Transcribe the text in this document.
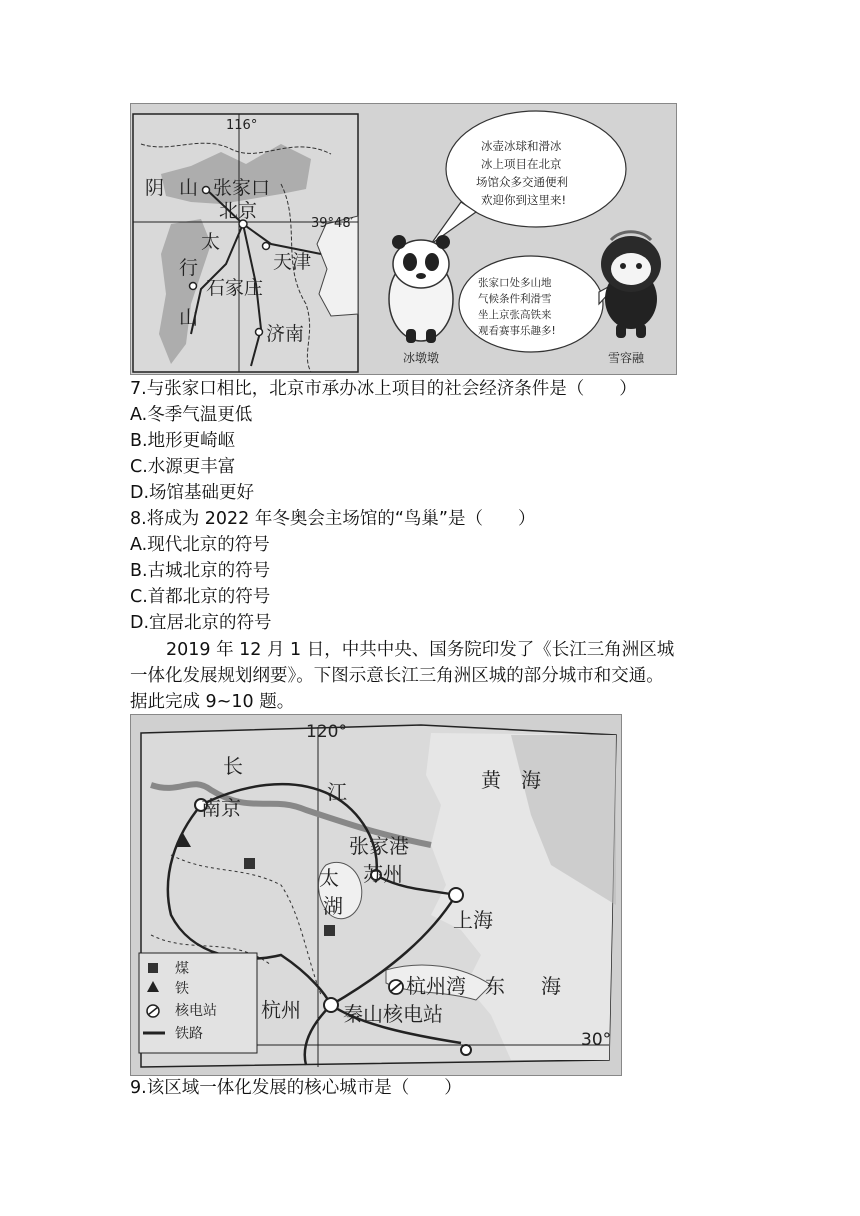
116°
39°48′
阴 山 张家口
北京
天津
太
行
石家庄
山
济南
冰壶冰球和滑冰
冰上项目在北京
场馆众多交通便利
欢迎你到这里来!
张家口处多山地
气候条件利滑雪
坐上京张高铁来
观看赛事乐趣多!
冰墩墩	雪容融
7.与张家口相比，北京市承办冰上项目的社会经济条件是（　　）
A.冬季气温更低
B.地形更崎岖
C.水源更丰富
D.场馆基础更好
8.将成为 2022 年冬奥会主场馆的“鸟巢”是（　　）
A.现代北京的符号
B.古城北京的符号
C.首都北京的符号
D.宜居北京的符号
2019 年 12 月 1 日，中共中央、国务院印发了《长江三角洲区城
一体化发展规划纲要》。下图示意长江三角洲区城的部分城市和交通。
据此完成 9~10 题。
120°
30°
长
江
南京
黄　海
张家港
苏州
太
湖
上海
杭州湾 东 海
杭州 秦山核电站
煤
铁
核电站
铁路
9.该区域一体化发展的核心城市是（　　）
